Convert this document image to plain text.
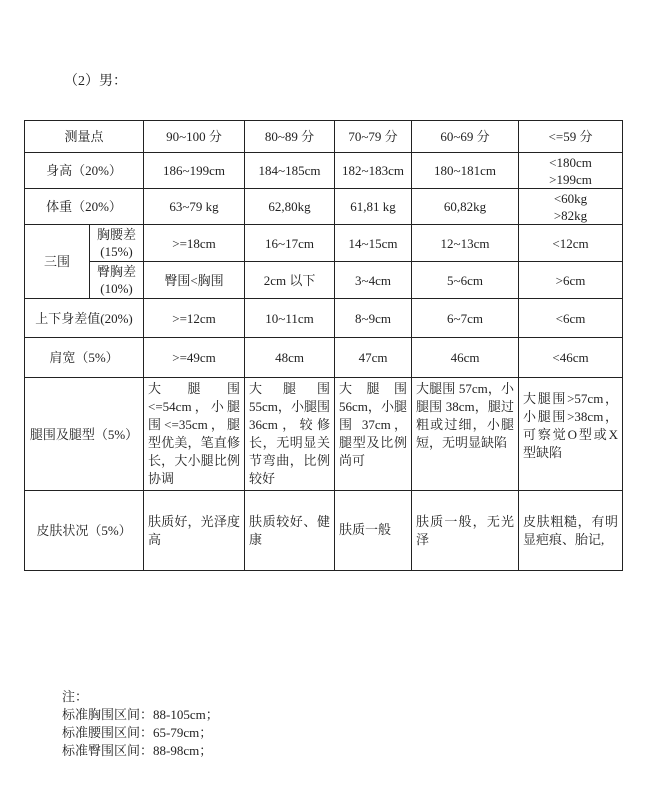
（2）男：
测量点		90~100 分	80~89 分	70~79 分	60~69 分	<=59 分
身高（20%）		186~199cm	184~185cm	182~183cm	180~181cm	<180cm >199cm
体重（20%）		63~79 kg	62,80kg	61,81 kg	60,82kg	<60kg >82kg
三围	胸腰差(15%)	>=18cm	16~17cm	14~15cm	12~13cm	<12cm
	臀胸差(10%)	臀围<胸围	2cm 以下	3~4cm	5~6cm	>6cm
上下身差值(20%)		>=12cm	10~11cm	8~9cm	6~7cm	<6cm
肩宽（5%）		>=49cm	48cm	47cm	46cm	<46cm
腿围及腿型（5%）		大腿围<=54cm，小腿围<=35cm，腿型优美，笔直修长，大小腿比例协调	大腿围 55cm，小腿围 36cm，较修长，无明显关节弯曲，比例较好	大腿围 56cm，小腿围 37cm，腿型及比例尚可	大腿围 57cm，小腿围 38cm，腿过粗或过细，小腿短，无明显缺陷	大腿围>57cm，小腿围>38cm，可察觉O型或X型缺陷
皮肤状况（5%）		肤质好，光泽度高	肤质较好、健康	肤质一般	肤质一般，无光泽	皮肤粗糙，有明显疤痕、胎记,
注：
标准胸围区间：88-105cm；
标准腰围区间：65-79cm；
标准臀围区间：88-98cm；
